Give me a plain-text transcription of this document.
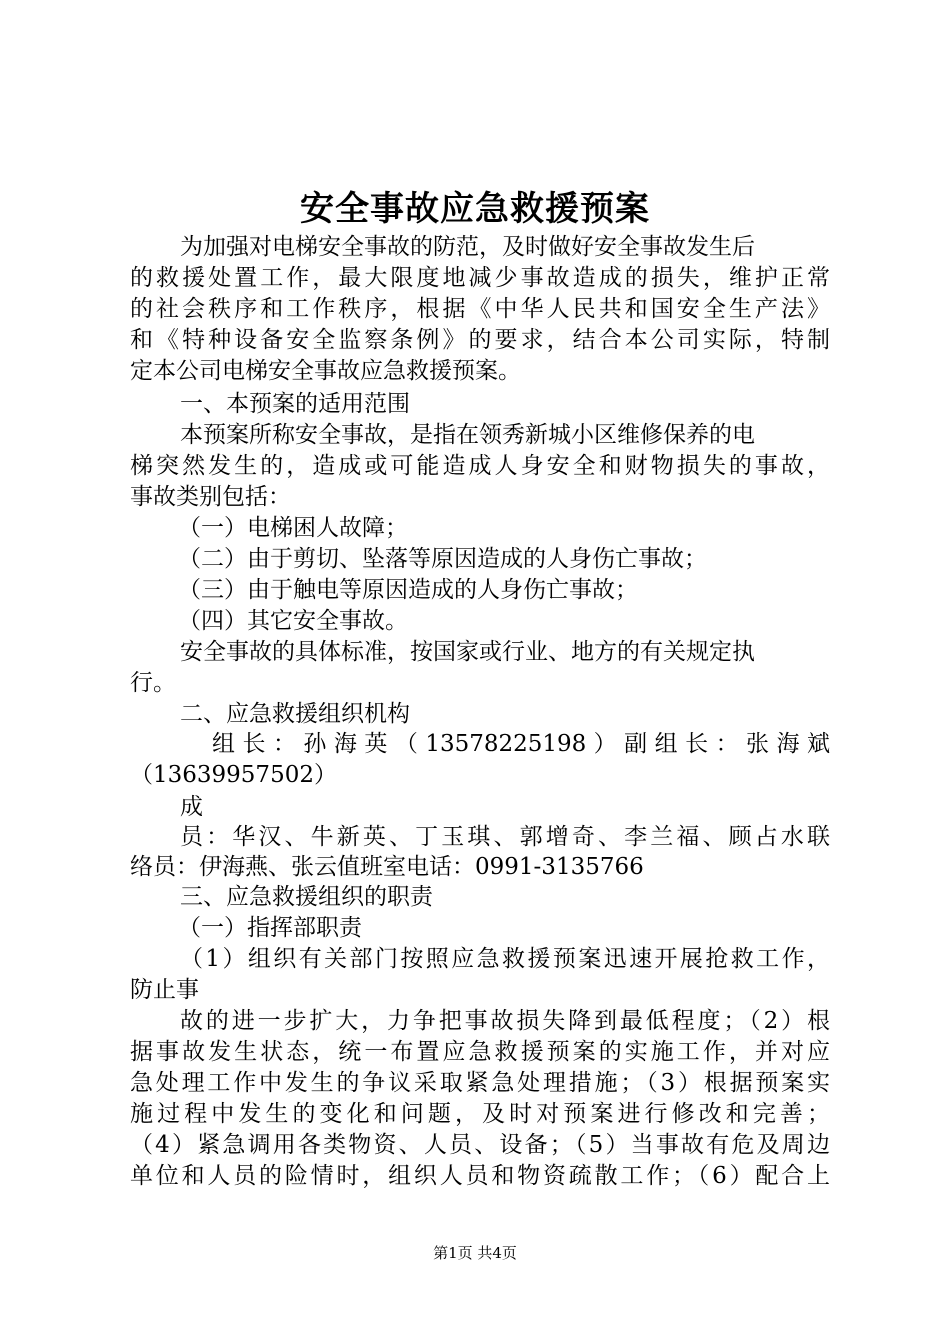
安全事故应急救援预案
为加强对电梯安全事故的防范，及时做好安全事故发生后
的救援处置工作，最大限度地减少事故造成的损失，维护正常
的社会秩序和工作秩序，根据《中华人民共和国安全生产法》
和《特种设备安全监察条例》的要求，结合本公司实际，特制
定本公司电梯安全事故应急救援预案。
一、本预案的适用范围
本预案所称安全事故，是指在领秀新城小区维修保养的电
梯突然发生的，造成或可能造成人身安全和财物损失的事故，
事故类别包括：
（一）电梯困人故障；
（二）由于剪切、坠落等原因造成的人身伤亡事故；
（三）由于触电等原因造成的人身伤亡事故；
（四）其它安全事故。
安全事故的具体标准，按国家或行业、地方的有关规定执
行。
二、应急救援组织机构
组 长 ： 孙 海 英 （ 13578225198 ） 副 组 长 ： 张 海 斌
（13639957502）
成
员：华汉、牛新英、丁玉琪、郭增奇、李兰福、顾占水联
络员：伊海燕、张云值班室电话：0991-3135766
三、应急救援组织的职责
（一）指挥部职责
（1）组织有关部门按照应急救援预案迅速开展抢救工作，
防止事
故的进一步扩大，力争把事故损失降到最低程度；（2）根
据事故发生状态，统一布置应急救援预案的实施工作，并对应
急处理工作中发生的争议采取紧急处理措施；（3）根据预案实
施过程中发生的变化和问题，及时对预案进行修改和完善；
（4）紧急调用各类物资、人员、设备；（5）当事故有危及周边
单位和人员的险情时，组织人员和物资疏散工作；（6）配合上
第1页 共4页
